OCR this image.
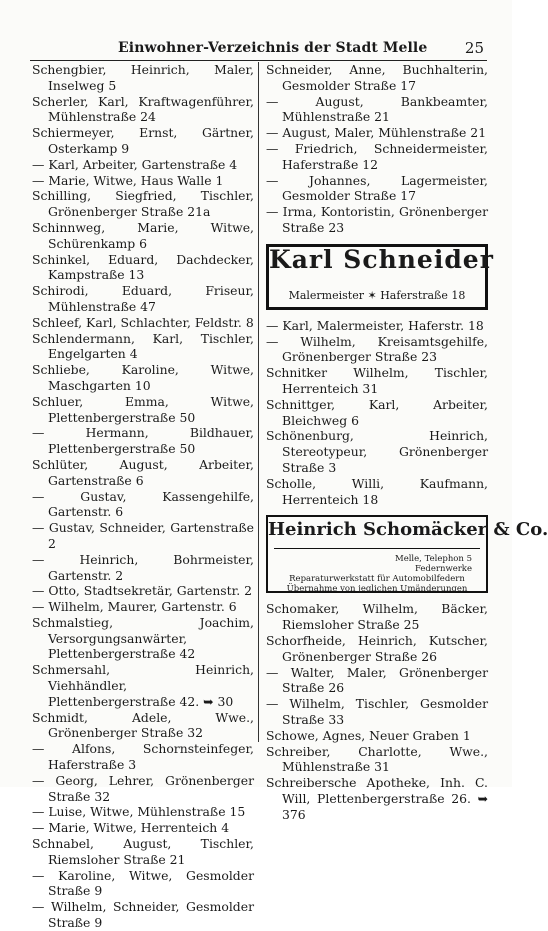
Einwohner-Verzeichnis der Stadt Melle	25
Schengbier, Heinrich, Maler, Inselweg 5
Scherler, Karl, Kraftwagenführer, Mühlenstraße 24
Schiermeyer, Ernst, Gärtner, Osterkamp 9
— Karl, Arbeiter, Gartenstraße 4
— Marie, Witwe, Haus Walle 1
Schilling, Siegfried, Tischler, Grönenberger Straße 21a
Schinnweg, Marie, Witwe, Schürenkamp 6
Schinkel, Eduard, Dachdecker, Kampstraße 13
Schirodi, Eduard, Friseur, Mühlenstraße 47
Schleef, Karl, Schlachter, Feldstr. 8
Schlendermann, Karl, Tischler, Engelgarten 4
Schliebe, Karoline, Witwe, Maschgarten 10
Schluer, Emma, Witwe, Plettenbergerstraße 50
— Hermann, Bildhauer, Plettenbergerstraße 50
Schlüter, August, Arbeiter, Gartenstraße 6
— Gustav, Kassengehilfe, Gartenstr. 6
— Gustav, Schneider, Gartenstraße 2
— Heinrich, Bohrmeister, Gartenstr. 2
— Otto, Stadtsekretär, Gartenstr. 2
— Wilhelm, Maurer, Gartenstr. 6
Schmalstieg, Joachim, Versorgungsanwärter, Plettenbergerstraße 42
Schmersahl, Heinrich, Viehhändler, Plettenbergerstraße 42. ➥ 30
Schmidt, Adele, Wwe., Grönenberger Straße 32
— Alfons, Schornsteinfeger, Haferstraße 3
— Georg, Lehrer, Grönenberger Straße 32
— Luise, Witwe, Mühlenstraße 15
— Marie, Witwe, Herrenteich 4
Schnabel, August, Tischler, Riemsloher Straße 21
— Karoline, Witwe, Gesmolder Straße 9
— Wilhelm, Schneider, Gesmolder Straße 9
Schneider, Anne, Buchhalterin, Gesmolder Straße 17
— August, Bankbeamter, Mühlenstraße 21
— August, Maler, Mühlenstraße 21
— Friedrich, Schneidermeister, Haferstraße 12
— Johannes, Lagermeister, Gesmolder Straße 17
— Irma, Kontoristin, Grönenberger Straße 23
Karl Schneider
Malermeister ✶ Haferstraße 18
— Karl, Malermeister, Haferstr. 18
— Wilhelm, Kreisamtsgehilfe, Grönenberger Straße 23
Schnitker Wilhelm, Tischler, Herrenteich 31
Schnittger, Karl, Arbeiter, Bleichweg 6
Schönenburg, Heinrich, Stereotypeur, Grönenberger Straße 3
Scholle, Willi, Kaufmann, Herrenteich 18
Heinrich Schomäcker & Co.
Melle, Telephon 5
Federnwerke
Reparaturwerkstatt für Automobilfedern
Übernahme von jeglichen Umänderungen
Schomaker, Wilhelm, Bäcker, Riemsloher Straße 25
Schorfheide, Heinrich, Kutscher, Grönenberger Straße 26
— Walter, Maler, Grönenberger Straße 26
— Wilhelm, Tischler, Gesmolder Straße 33
Schowe, Agnes, Neuer Graben 1
Schreiber, Charlotte, Wwe., Mühlenstraße 31
Schreibersche Apotheke, Inh. C. Will, Plettenbergerstraße 26. ➥ 376
